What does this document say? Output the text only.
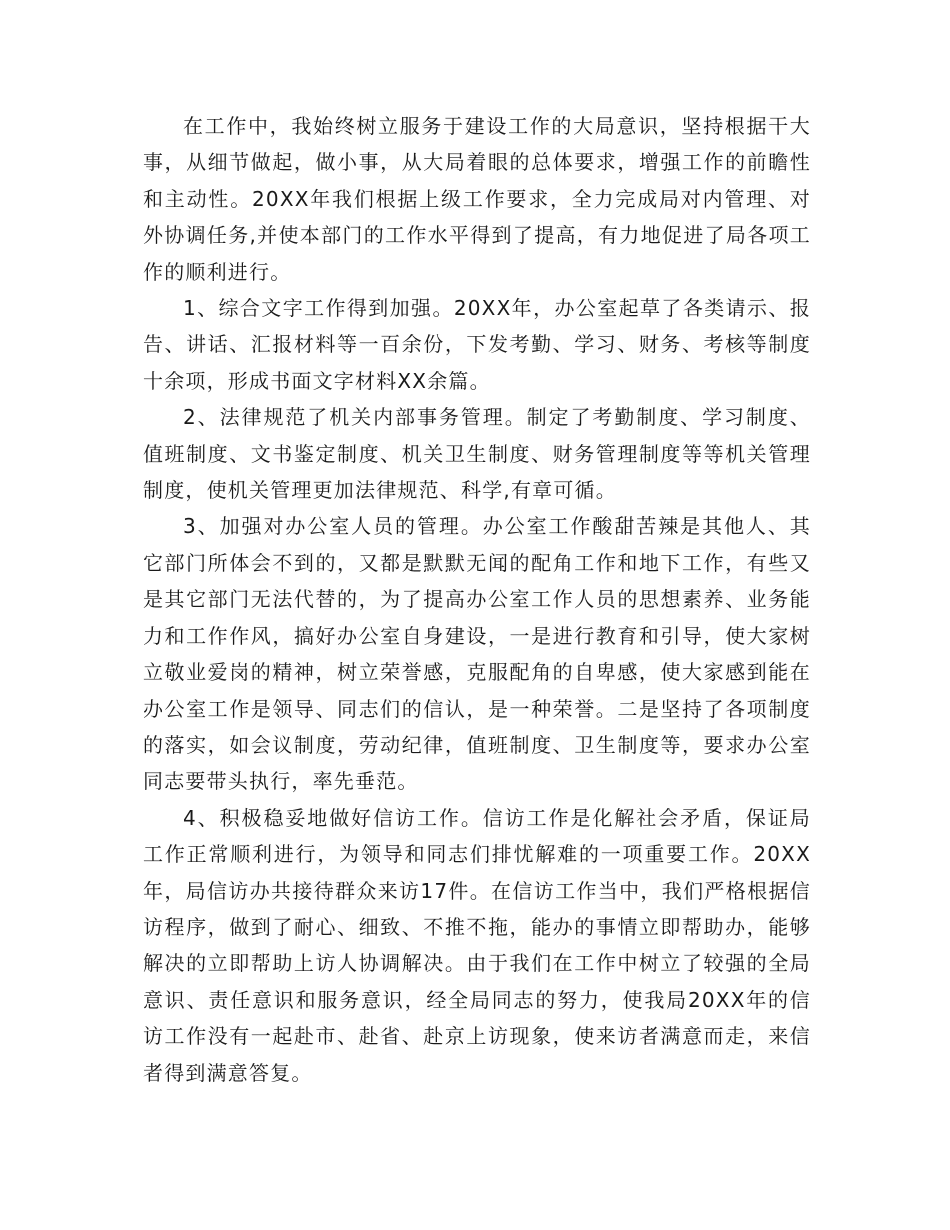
在工作中，我始终树立服务于建设工作的大局意识，坚持根据干大事，从细节做起，做小事，从大局着眼的总体要求，增强工作的前瞻性和主动性。20XX年我们根据上级工作要求，全力完成局对内管理、对外协调任务,并使本部门的工作水平得到了提高，有力地促进了局各项工作的顺利进行。

1、综合文字工作得到加强。20XX年，办公室起草了各类请示、报告、讲话、汇报材料等一百余份，下发考勤、学习、财务、考核等制度十余项，形成书面文字材料XX余篇。

2、法律规范了机关内部事务管理。制定了考勤制度、学习制度、值班制度、文书鉴定制度、机关卫生制度、财务管理制度等等机关管理制度，使机关管理更加法律规范、科学,有章可循。

3、加强对办公室人员的管理。办公室工作酸甜苦辣是其他人、其它部门所体会不到的，又都是默默无闻的配角工作和地下工作，有些又是其它部门无法代替的，为了提高办公室工作人员的思想素养、业务能力和工作作风，搞好办公室自身建设，一是进行教育和引导，使大家树立敬业爱岗的精神，树立荣誉感，克服配角的自卑感，使大家感到能在办公室工作是领导、同志们的信认，是一种荣誉。二是坚持了各项制度的落实，如会议制度，劳动纪律，值班制度、卫生制度等，要求办公室同志要带头执行，率先垂范。

4、积极稳妥地做好信访工作。信访工作是化解社会矛盾，保证局工作正常顺利进行，为领导和同志们排忧解难的一项重要工作。20XX年，局信访办共接待群众来访17件。在信访工作当中，我们严格根据信访程序，做到了耐心、细致、不推不拖，能办的事情立即帮助办，能够解决的立即帮助上访人协调解决。由于我们在工作中树立了较强的全局意识、责任意识和服务意识，经全局同志的努力，使我局20XX年的信访工作没有一起赴市、赴省、赴京上访现象，使来访者满意而走，来信者得到满意答复。
